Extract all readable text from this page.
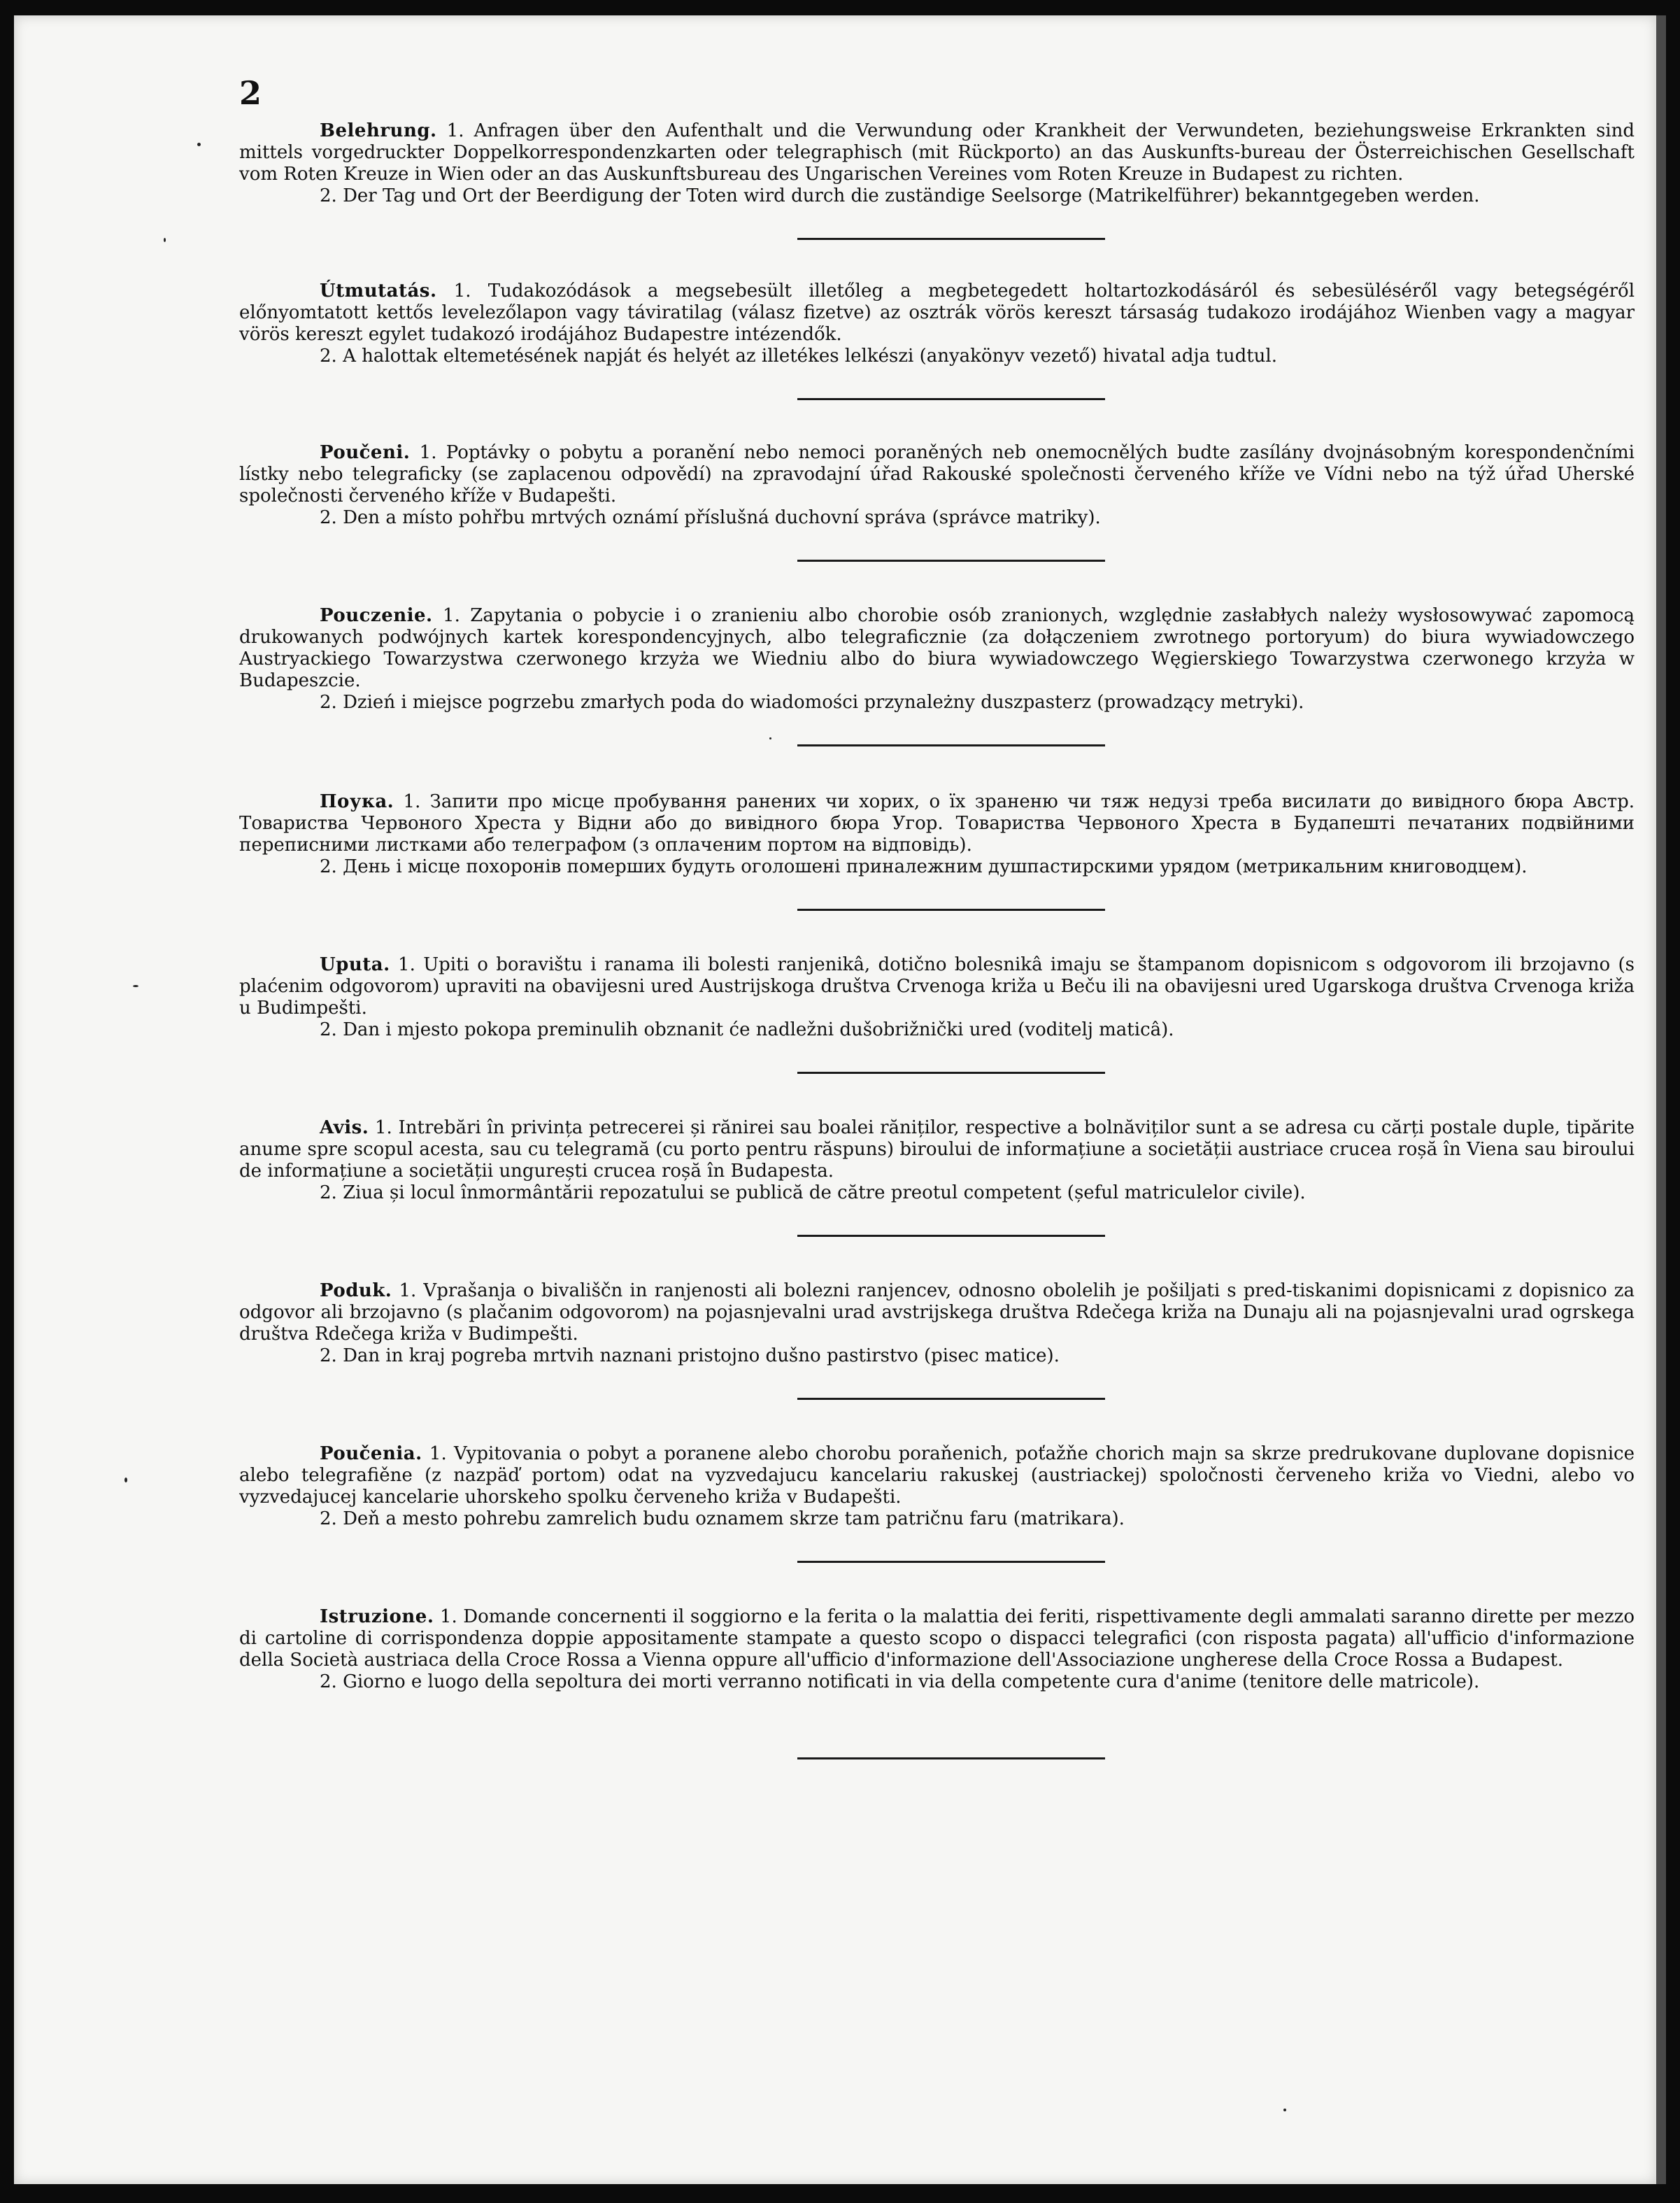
2

Belehrung. 1. Anfragen über den Aufenthalt und die Verwundung oder Krankheit der Verwundeten, beziehungsweise Erkrankten sind mittels vorgedruckter Doppelkorrespondenzkarten oder telegraphisch (mit Rückporto) an das Auskunfts-bureau der Österreichischen Gesellschaft vom Roten Kreuze in Wien oder an das Auskunftsbureau des Ungarischen Vereines vom Roten Kreuze in Budapest zu richten.

2. Der Tag und Ort der Beerdigung der Toten wird durch die zuständige Seelsorge (Matrikelführer) bekanntgegeben werden.

Útmutatás. 1. Tudakozódások a megsebesült illetőleg a megbetegedett holtartozkodásáról és sebesüléséről vagy betegségéről előnyomtatott kettős levelezőlapon vagy táviratilag (válasz fizetve) az osztrák vörös kereszt társaság tudakozo irodájához Wienben vagy a magyar vörös kereszt egylet tudakozó irodájához Budapestre intézendők.

2. A halottak eltemetésének napját és helyét az illetékes lelkészi (anyakönyv vezető) hivatal adja tudtul.

Poučeni. 1. Poptávky o pobytu a poranění nebo nemoci poraněných neb onemocnělých budte zasílány dvojnásobným korespondenčními lístky nebo telegraficky (se zaplacenou odpovědí) na zpravodajní úřad Rakouské společnosti červeného kříže ve Vídni nebo na týž úřad Uherské společnosti červeného kříže v Budapešti.

2. Den a místo pohřbu mrtvých oznámí příslušná duchovní správa (správce matriky).

Pouczenie. 1. Zapytania o pobycie i o zranieniu albo chorobie osób zranionych, względnie zasłabłych należy wysłosowywać zapomocą drukowanych podwójnych kartek korespondencyjnych, albo telegraficznie (za dołączeniem zwrotnego portoryum) do biura wywiadowczego Austryackiego Towarzystwa czerwonego krzyża we Wiedniu albo do biura wywiadowczego Węgierskiego Towarzystwa czerwonego krzyża w Budapeszcie.

2. Dzień i miejsce pogrzebu zmarłych poda do wiadomości przynależny duszpasterz (prowadzący metryki).

Поука. 1. Запити про місце пробування ранених чи хорих, о їх зраненю чи тяж недузі треба висилати до вивідного бюра Австр. Товариства Червоного Хреста у Відни або до вивідного бюра Угор. Товариства Червоного Хреста в Будапешті печатаних подвійними переписними листками або телеграфом (з оплаченим портом на відповідь).

2. День і місце похоронів померших будуть оголошені приналежним душпастирскими урядом (метрикальним книговодцем).

Uputa. 1. Upiti o boravištu i ranama ili bolesti ranjenikâ, dotično bolesnikâ imaju se štampanom dopisnicom s odgovorom ili brzojavno (s plaćenim odgovorom) upraviti na obavijesni ured Austrijskoga društva Crvenoga križa u Beču ili na obavijesni ured Ugarskoga društva Crvenoga križa u Budimpešti.

2. Dan i mjesto pokopa preminulih obznanit će nadležni dušobrižnički ured (voditelj maticâ).

Avis. 1. Intrebări în privința petrecerei și rănirei sau boalei răniților, respective a bolnăviților sunt a se adresa cu cărți postale duple, tipărite anume spre scopul acesta, sau cu telegramă (cu porto pentru răspuns) biroului de informațiune a societății austriace crucea roșă în Viena sau biroului de informațiune a societății ungurești crucea roșă în Budapesta.

2. Ziua și locul înmormântării repozatului se publică de către preotul competent (șeful matriculelor civile).

Poduk. 1. Vprašanja o bivališčn in ranjenosti ali bolezni ranjencev, odnosno obolelih je pošiljati s pred-tiskanimi dopisnicami z dopisnico za odgovor ali brzojavno (s plačanim odgovorom) na pojasnjevalni urad avstrijskega društva Rdečega križa na Dunaju ali na pojasnjevalni urad ogrskega društva Rdečega križa v Budimpešti.

2. Dan in kraj pogreba mrtvih naznani pristojno dušno pastirstvo (pisec matice).

Poučenia. 1. Vypitovania o pobyt a poranene alebo chorobu poraňenich, poťažňe chorich majn sa skrze predrukovane duplovane dopisnice alebo telegrafiěne (z nazpäď portom) odat na vyzvedajucu kancelariu rakuskej (austriackej) spoločnosti červeneho križa vo Viedni, alebo vo vyzvedajucej kancelarie uhorskeho spolku červeneho križa v Budapešti.

2. Deň a mesto pohrebu zamrelich budu oznamem skrze tam patričnu faru (matrikara).

Istruzione. 1. Domande concernenti il soggiorno e la ferita o la malattia dei feriti, rispettivamente degli ammalati saranno dirette per mezzo di cartoline di corrispondenza doppie appositamente stampate a questo scopo o dispacci telegrafici (con risposta pagata) all'ufficio d'informazione della Società austriaca della Croce Rossa a Vienna oppure all'ufficio d'informazione dell'Associazione ungherese della Croce Rossa a Budapest.

2. Giorno e luogo della sepoltura dei morti verranno notificati in via della competente cura d'anime (tenitore delle matricole).
